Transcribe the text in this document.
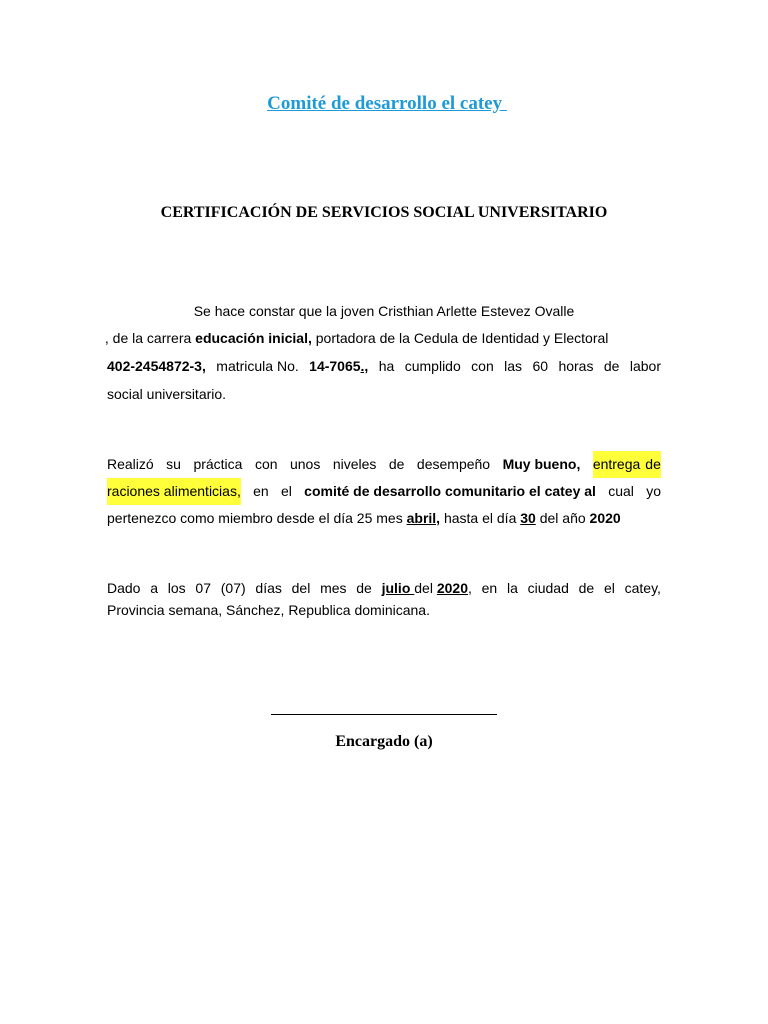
Comité de desarrollo el catey
CERTIFICACIÓN DE SERVICIOS SOCIAL UNIVERSITARIO
Se hace constar que la joven Cristhian Arlette Estevez Ovalle
, de la carrera educación inicial, portadora de la Cedula de Identidad y Electoral
402-2454872-3, matricula No. 14-7065., ha cumplido con las 60 horas de labor
social universitario.
Realizó su práctica con unos niveles de desempeño Muy bueno, entrega de
raciones alimenticias, en el comité de desarrollo comunitario el catey al cual yo
pertenezco como miembro desde el día 25 mes abril, hasta el día 30 del año 2020
Dado a los 07 (07) días del mes de julio del 2020, en la ciudad de el catey,
Provincia semana, Sánchez, Republica dominicana.
Encargado (a)
